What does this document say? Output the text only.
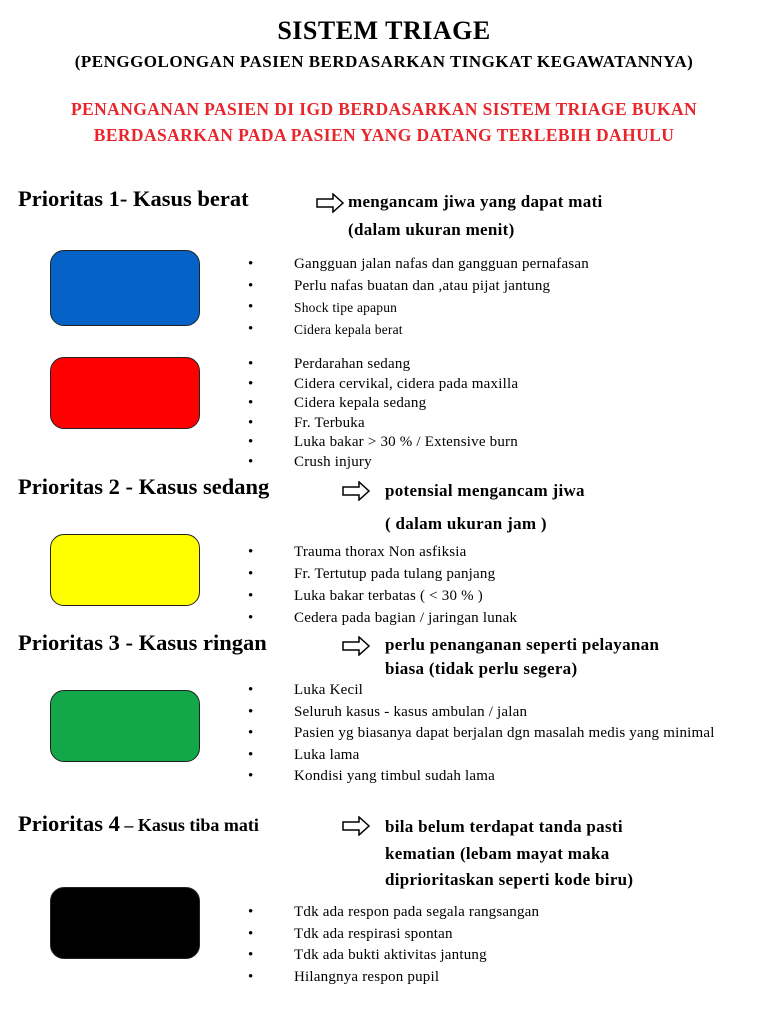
SISTEM TRIAGE
(PENGGOLONGAN PASIEN BERDASARKAN TINGKAT KEGAWATANNYA)
PENANGANAN PASIEN DI IGD BERDASARKAN SISTEM TRIAGE BUKAN BERDASARKAN PADA PASIEN YANG DATANG TERLEBIH DAHULU
Prioritas 1- Kasus berat	mengancam jiwa yang dapat mati
(dalam ukuran menit)
• Gangguan jalan nafas dan gangguan pernafasan
• Perlu nafas buatan dan ,atau pijat jantung
• Shock tipe apapun
• Cidera kepala berat
• Perdarahan sedang
• Cidera cervikal, cidera pada maxilla
• Cidera kepala sedang
• Fr. Terbuka
• Luka bakar > 30 % / Extensive burn
• Crush injury
Prioritas 2 - Kasus sedang	potensial mengancam jiwa
( dalam ukuran jam )
• Trauma thorax Non asfiksia
• Fr. Tertutup pada tulang panjang
• Luka bakar terbatas ( < 30 % )
• Cedera pada bagian / jaringan lunak
Prioritas 3 - Kasus ringan	perlu penanganan seperti pelayanan
biasa (tidak perlu segera)
• Luka Kecil
• Seluruh kasus - kasus ambulan / jalan
• Pasien yg biasanya dapat berjalan dgn masalah medis yang minimal
• Luka lama
• Kondisi yang timbul sudah lama
Prioritas 4 – Kasus tiba mati	bila belum terdapat tanda pasti
kematian (lebam mayat maka
diprioritaskan seperti kode biru)
• Tdk ada respon pada segala rangsangan
• Tdk ada respirasi spontan
• Tdk ada bukti aktivitas jantung
• Hilangnya respon pupil
